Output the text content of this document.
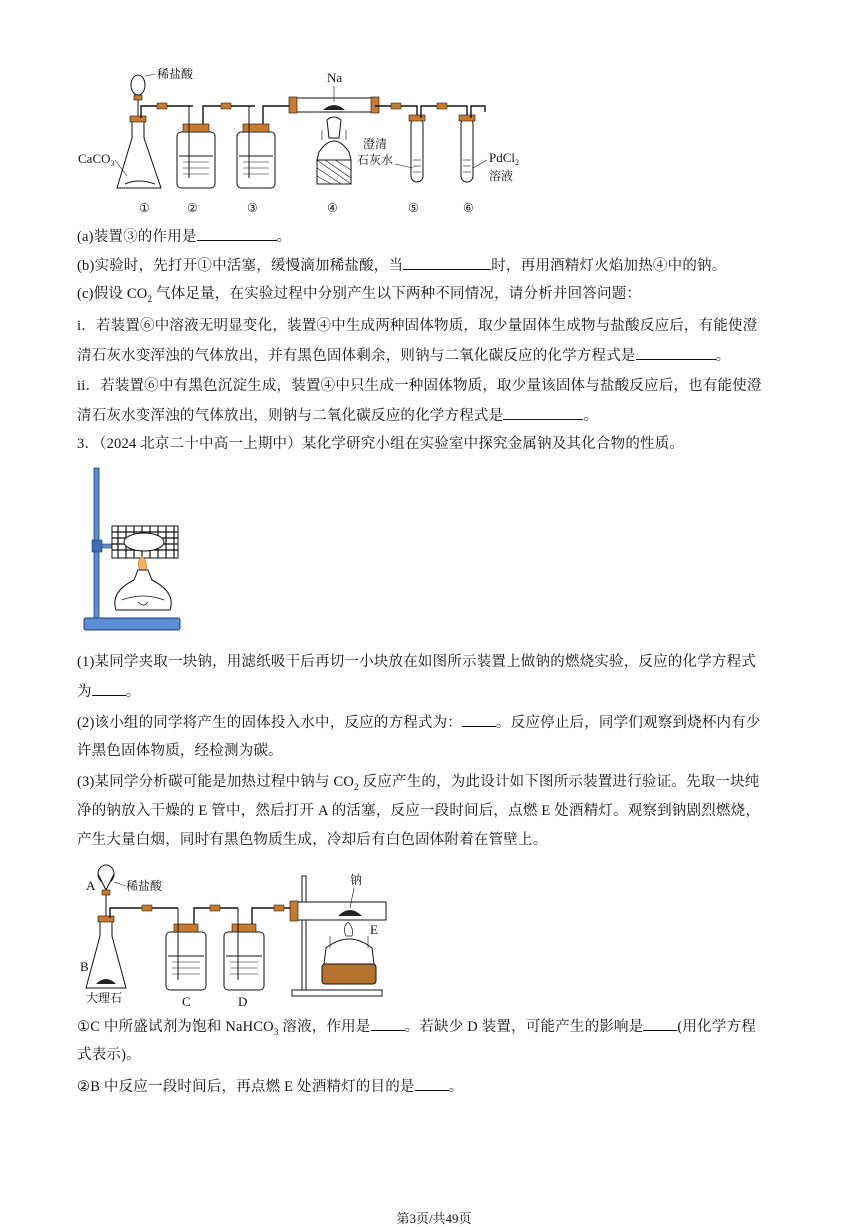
稀盐酸
CaCO$_3$
Na
澄清
石灰水	PdCl$_2$
溶液
①	②	③	④	⑤	⑥
(a)装置③的作用是	。
(b)实验时，先打开①中活塞，缓慢滴加稀盐酸，当	时，再用酒精灯火焰加热④中的钠。
(c)假设 $CO_2$ 气体足量，在实验过程中分别产生以下两种不同情况，请分析并回答问题：
i．若装置⑥中溶液无明显变化，装置④中生成两种固体物质，取少量固体生成物与盐酸反应后，有能使澄
清石灰水变浑浊的气体放出，并有黑色固体剩余，则钠与二氧化碳反应的化学方程式是	。
ii．若装置⑥中有黑色沉淀生成，装置④中只生成一种固体物质，取少量该固体与盐酸反应后，也有能使澄
清石灰水变浑浊的气体放出，则钠与二氧化碳反应的化学方程式是	。
3．（2024 北京二十中高一上期中）某化学研究小组在实验室中探究金属钠及其化合物的性质。
(1)某同学夹取一块钠，用滤纸吸干后再切一小块放在如图所示装置上做钠的燃烧实验，反应的化学方程式
为 。
(2)该小组的同学将产生的固体投入水中，反应的方程式为： 。反应停止后，同学们观察到烧杯内有少
许黑色固体物质，经检测为碳。
(3)某同学分析碳可能是加热过程中钠与 $CO_2$ 反应产生的，为此设计如下图所示装置进行验证。先取一块纯
净的钠放入干燥的 E 管中，然后打开 A 的活塞，反应一段时间后，点燃 E 处酒精灯。观察到钠剧烈燃烧，
产生大量白烟，同时有黑色物质生成，冷却后有白色固体附着在管壁上。
A	稀盐酸
B
大理石	C	D
钠
E
①C 中所盛试剂为饱和 NaHCO$_3$ 溶液，作用是 。若缺少 D 装置，可能产生的影响是 (用化学方程
式表示)。
②B 中反应一段时间后，再点燃 E 处酒精灯的目的是 。
第3页/共49页
